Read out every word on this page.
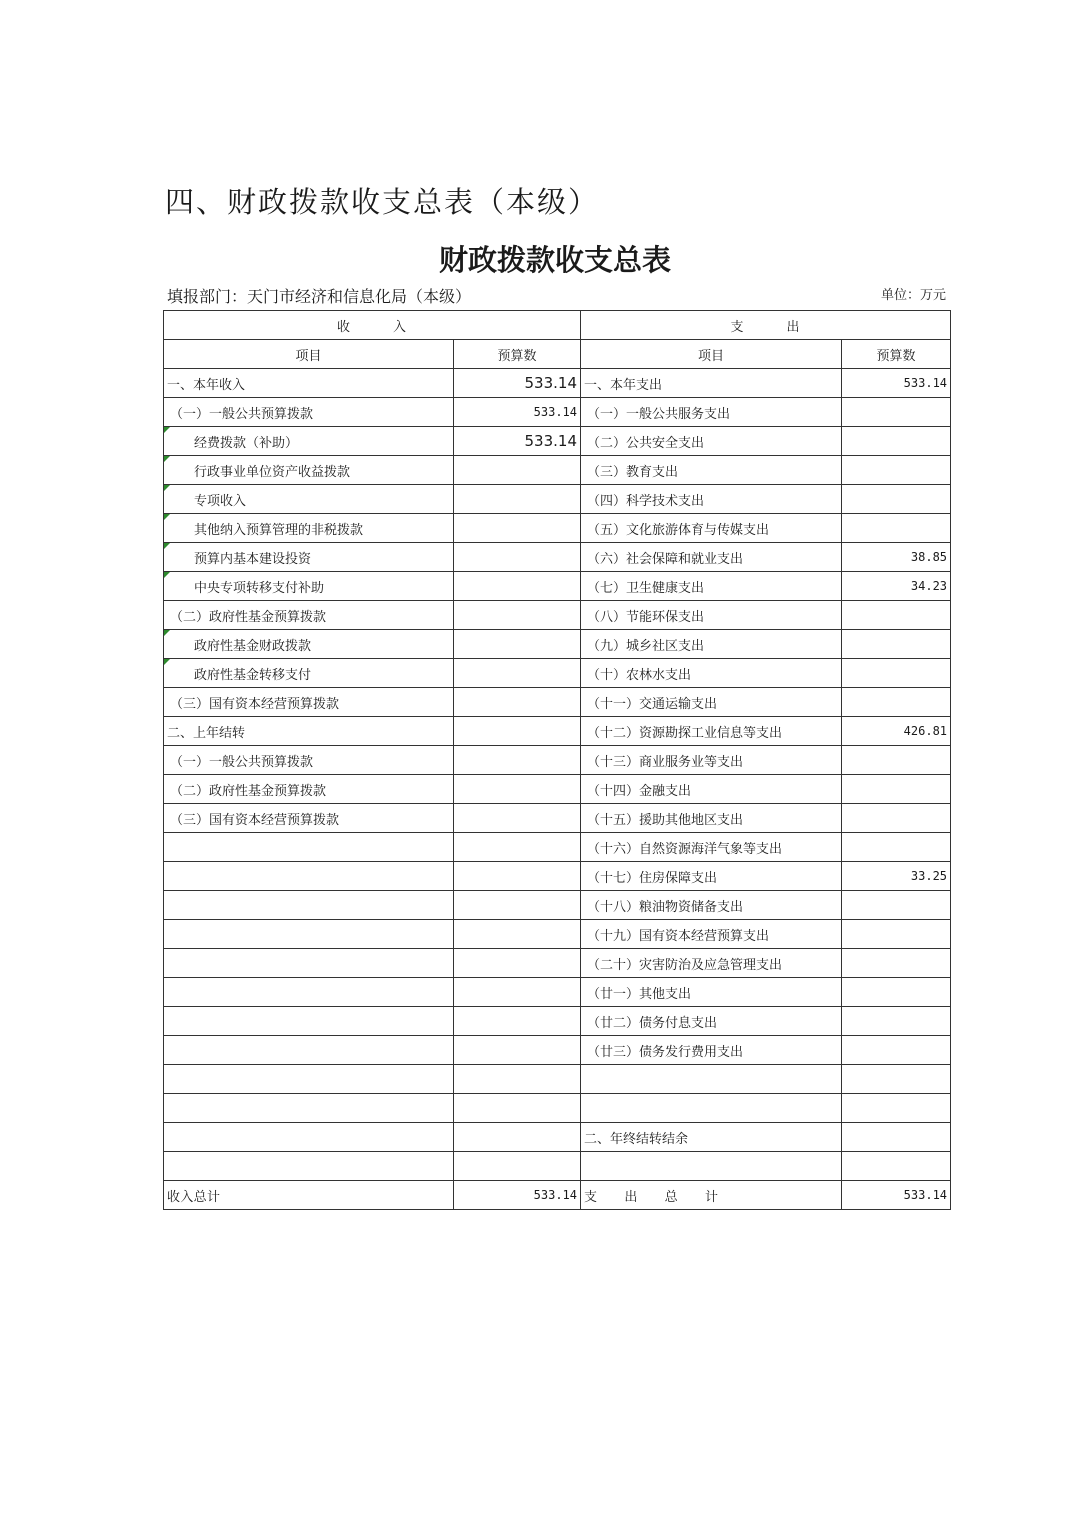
四、财政拨款收支总表（本级）
财政拨款收支总表
填报部门：天门市经济和信息化局（本级）	单位：万元
收　　　入		支　　　出	
项目	预算数	项目	预算数
一、本年收入	533.14	一、本年支出	533.14
（一）一般公共预算拨款	533.14	（一）一般公共服务支出	
经费拨款（补助）	533.14	（二）公共安全支出	
行政事业单位资产收益拨款		（三）教育支出	
专项收入		（四）科学技术支出	
其他纳入预算管理的非税拨款		（五）文化旅游体育与传媒支出	
预算内基本建设投资		（六）社会保障和就业支出	38.85
中央专项转移支付补助		（七）卫生健康支出	34.23
（二）政府性基金预算拨款		（八）节能环保支出	
政府性基金财政拨款		（九）城乡社区支出	
政府性基金转移支付		（十）农林水支出	
（三）国有资本经营预算拨款		（十一）交通运输支出	
二、上年结转		（十二）资源勘探工业信息等支出	426.81
（一）一般公共预算拨款		（十三）商业服务业等支出	
（二）政府性基金预算拨款		（十四）金融支出	
（三）国有资本经营预算拨款		（十五）援助其他地区支出	
		（十六）自然资源海洋气象等支出	
		（十七）住房保障支出	33.25
		（十八）粮油物资储备支出	
		（十九）国有资本经营预算支出	
		（二十）灾害防治及应急管理支出	
		（廿一）其他支出	
		（廿二）债务付息支出	
		（廿三）债务发行费用支出	

		二、年终结转结余	

收 入 总 计	533.14	支 出 总 计	533.14
